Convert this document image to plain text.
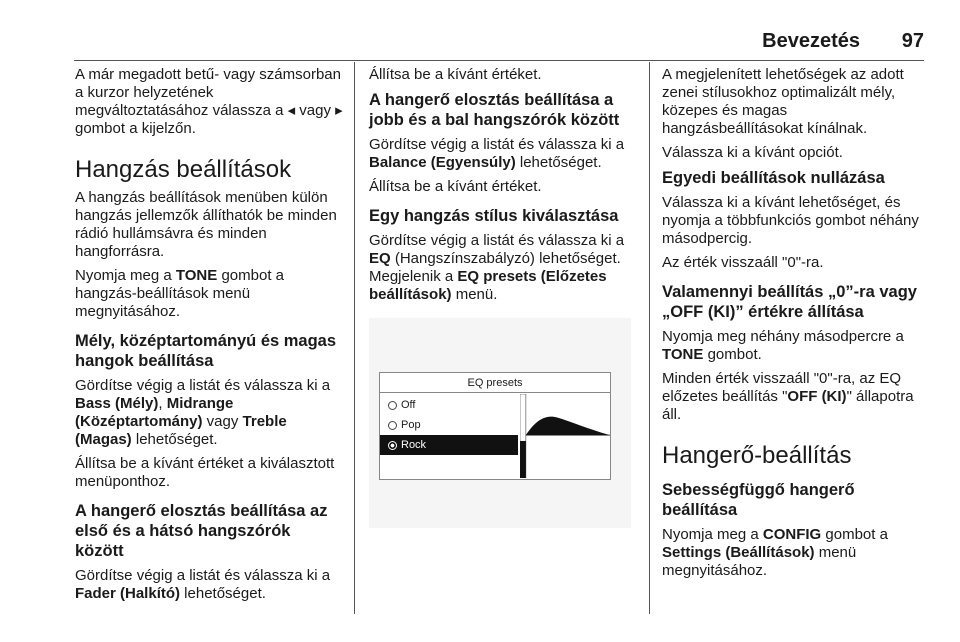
Bevezetés 97

A már megadott betű- vagy számsorban a kurzor helyzetének megváltoztatásához válassza a ◂ vagy ▸ gombot a kijelzőn.

Hangzás beállítások

A hangzás beállítások menüben külön hangzás jellemzők állíthatók be minden rádió hullámsávra és minden hangforrásra.

Nyomja meg a TONE gombot a hangzás-beállítások menü megnyitásához.

Mély, középtartományú és magas hangok beállítása

Gördítse végig a listát és válassza ki a Bass (Mély), Midrange (Középtartomány) vagy Treble (Magas) lehetőséget.

Állítsa be a kívánt értéket a kiválasztott menüponthoz.

A hangerő elosztás beállítása az első és a hátsó hangszórók között

Gördítse végig a listát és válassza ki a Fader (Halkító) lehetőséget.

Állítsa be a kívánt értéket.

A hangerő elosztás beállítása a jobb és a bal hangszórók között

Gördítse végig a listát és válassza ki a Balance (Egyensúly) lehetőséget.

Állítsa be a kívánt értéket.

Egy hangzás stílus kiválasztása

Gördítse végig a listát és válassza ki a EQ (Hangszínszabályzó) lehetőséget. Megjelenik a EQ presets (Előzetes beállítások) menü.

EQ presets
Off
Pop
Rock

A megjelenített lehetőségek az adott zenei stílusokhoz optimalizált mély, közepes és magas hangzásbeállításokat kínálnak.

Válassza ki a kívánt opciót.

Egyedi beállítások nullázása

Válassza ki a kívánt lehetőséget, és nyomja a többfunkciós gombot néhány másodpercig.

Az érték visszaáll "0"-ra.

Valamennyi beállítás „0”-ra vagy „OFF (KI)” értékre állítása

Nyomja meg néhány másodpercre a TONE gombot.

Minden érték visszaáll "0"-ra, az EQ előzetes beállítás "OFF (KI)" állapotra áll.

Hangerő-beállítás
Sebességfüggő hangerő beállítása

Nyomja meg a CONFIG gombot a Settings (Beállítások) menü megnyitásához.
